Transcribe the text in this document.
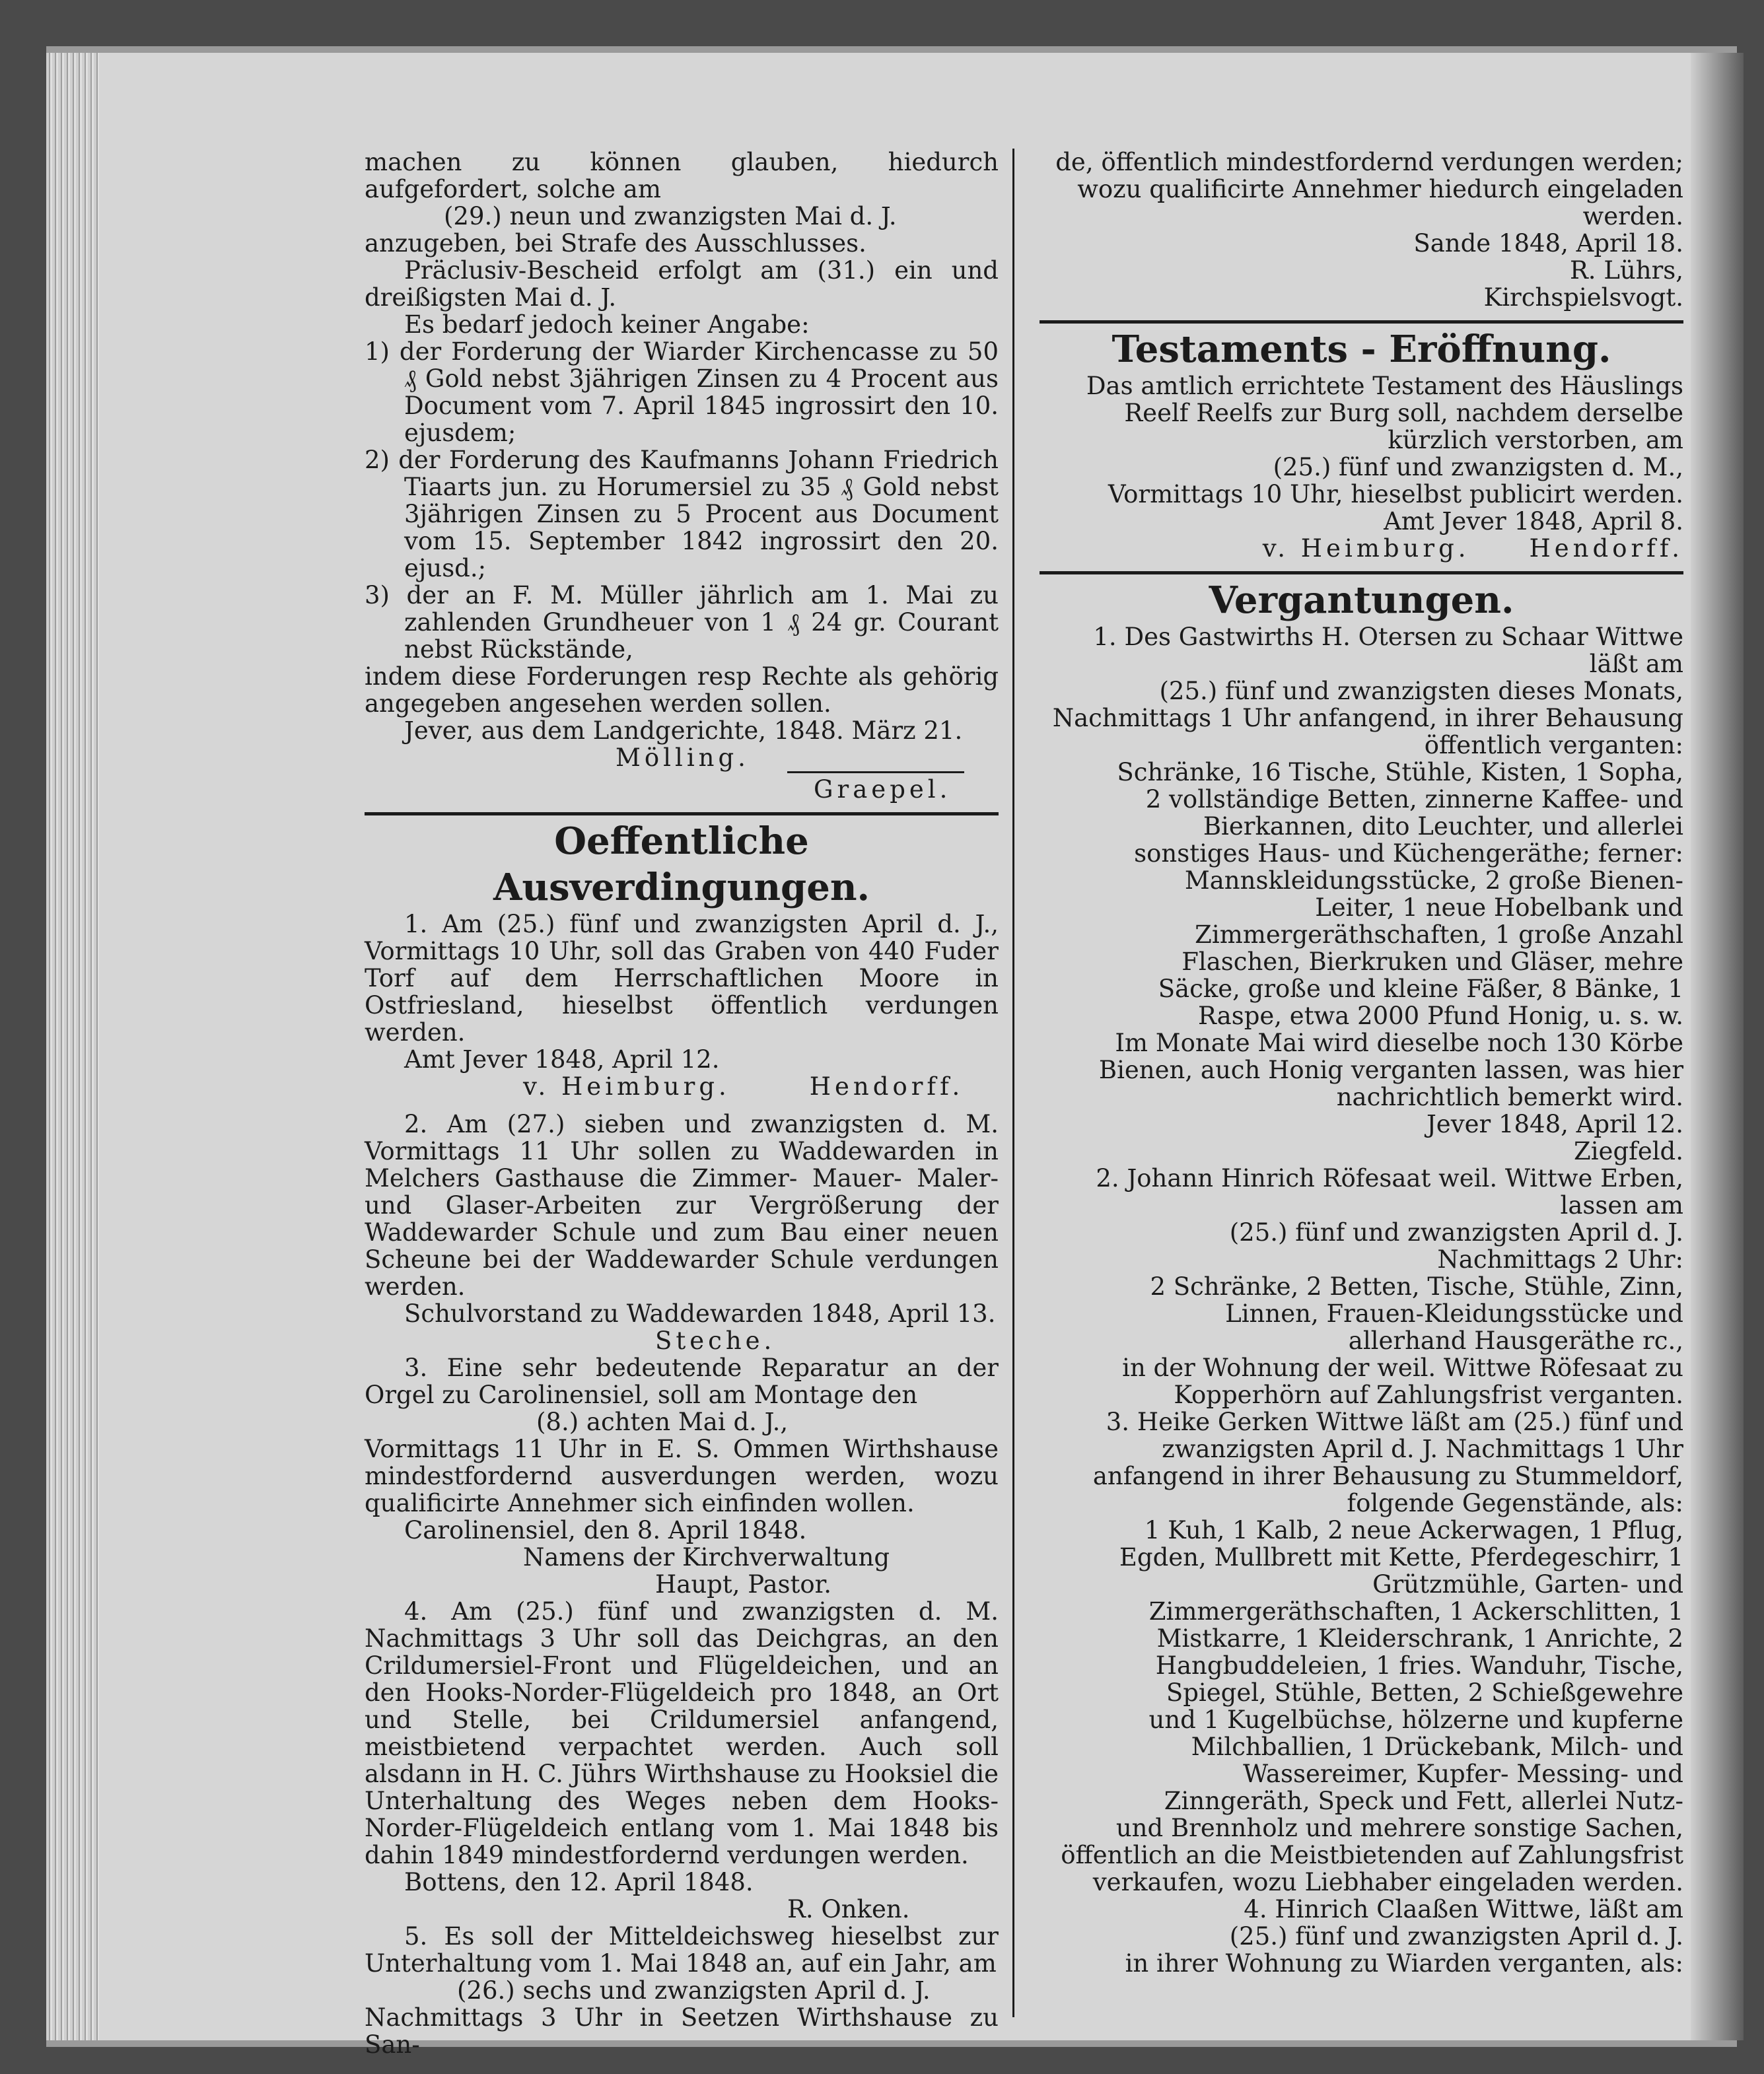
machen zu können glauben, hiedurch aufgefordert, solche am

(29.) neun und zwanzigsten Mai d. J.

anzugeben, bei Strafe des Ausschlusses.

Präclusiv-Bescheid erfolgt am (31.) ein und dreißigsten Mai d. J.

Es bedarf jedoch keiner Angabe:

1) der Forderung der Wiarder Kirchencasse zu 50 ₰ Gold nebst 3jährigen Zinsen zu 4 Procent aus Document vom 7. April 1845 ingrossirt den 10. ejusdem;

2) der Forderung des Kaufmanns Johann Friedrich Tiaarts jun. zu Horumersiel zu 35 ₰ Gold nebst 3jährigen Zinsen zu 5 Procent aus Document vom 15. September 1842 ingrossirt den 20. ejusd.;

3) der an F. M. Müller jährlich am 1. Mai zu zahlenden Grundheuer von 1 ₰ 24 gr. Courant nebst Rückstände,

indem diese Forderungen resp Rechte als gehörig angegeben angesehen werden sollen.

Jever, aus dem Landgerichte, 1848. März 21.

Mölling.

Graepel.

Oeffentliche Ausverdingungen.

1. Am (25.) fünf und zwanzigsten April d. J., Vormittags 10 Uhr, soll das Graben von 440 Fuder Torf auf dem Herrschaftlichen Moore in Ostfriesland, hieselbst öffentlich verdungen werden.

Amt Jever 1848, April 12.

v. Heimburg.	Hendorff.

2. Am (27.) sieben und zwanzigsten d. M. Vormittags 11 Uhr sollen zu Waddewarden in Melchers Gasthause die Zimmer- Mauer- Maler- und Glaser-Arbeiten zur Vergrößerung der Waddewarder Schule und zum Bau einer neuen Scheune bei der Waddewarder Schule verdungen werden.

Schulvorstand zu Waddewarden 1848, April 13.

Steche.

3. Eine sehr bedeutende Reparatur an der Orgel zu Carolinensiel, soll am Montage den

(8.) achten Mai d. J.,

Vormittags 11 Uhr in E. S. Ommen Wirthshause mindestfordernd ausverdungen werden, wozu qualificirte Annehmer sich einfinden wollen.

Carolinensiel, den 8. April 1848.

Namens der Kirchverwaltung

Haupt, Pastor.

4. Am (25.) fünf und zwanzigsten d. M. Nachmittags 3 Uhr soll das Deichgras, an den Crildumersiel-Front und Flügeldeichen, und an den Hooks-Norder-Flügeldeich pro 1848, an Ort und Stelle, bei Crildumersiel anfangend, meistbietend verpachtet werden. Auch soll alsdann in H. C. Jührs Wirthshause zu Hooksiel die Unterhaltung des Weges neben dem Hooks-Norder-Flügeldeich entlang vom 1. Mai 1848 bis dahin 1849 mindestfordernd verdungen werden.

Bottens, den 12. April 1848.

R. Onken.

5. Es soll der Mitteldeichsweg hieselbst zur Unterhaltung vom 1. Mai 1848 an, auf ein Jahr, am

(26.) sechs und zwanzigsten April d. J.

Nachmittags 3 Uhr in Seetzen Wirthshause zu San-

de, öffentlich mindestfordernd verdungen werden; wozu qualificirte Annehmer hiedurch eingeladen werden.

Sande 1848, April 18.

R. Lührs,

Kirchspielsvogt.

Testaments - Eröffnung.

Das amtlich errichtete Testament des Häuslings Reelf Reelfs zur Burg soll, nachdem derselbe kürzlich verstorben, am

(25.) fünf und zwanzigsten d. M.,

Vormittags 10 Uhr, hieselbst publicirt werden.

Amt Jever 1848, April 8.

v. Heimburg. Hendorff.

Vergantungen.

1. Des Gastwirths H. Otersen zu Schaar Wittwe läßt am

(25.) fünf und zwanzigsten dieses Monats,

Nachmittags 1 Uhr anfangend, in ihrer Behausung öffentlich verganten:

Schränke, 16 Tische, Stühle, Kisten, 1 Sopha, 2 vollständige Betten, zinnerne Kaffee- und Bierkannen, dito Leuchter, und allerlei sonstiges Haus- und Küchengeräthe; ferner: Mannskleidungsstücke, 2 große Bienen-Leiter, 1 neue Hobelbank und Zimmergeräthschaften, 1 große Anzahl Flaschen, Bierkruken und Gläser, mehre Säcke, große und kleine Fäßer, 8 Bänke, 1 Raspe, etwa 2000 Pfund Honig, u. s. w.

Im Monate Mai wird dieselbe noch 130 Körbe Bienen, auch Honig verganten lassen, was hier nachrichtlich bemerkt wird.

Jever 1848, April 12.

Ziegfeld.

2. Johann Hinrich Röfesaat weil. Wittwe Erben, lassen am

(25.) fünf und zwanzigsten April d. J.

Nachmittags 2 Uhr:

2 Schränke, 2 Betten, Tische, Stühle, Zinn, Linnen, Frauen-Kleidungsstücke und allerhand Hausgeräthe rc.,

in der Wohnung der weil. Wittwe Röfesaat zu Kopperhörn auf Zahlungsfrist verganten.

3. Heike Gerken Wittwe läßt am (25.) fünf und zwanzigsten April d. J. Nachmittags 1 Uhr anfangend in ihrer Behausung zu Stummeldorf, folgende Gegenstände, als:

1 Kuh, 1 Kalb, 2 neue Ackerwagen, 1 Pflug, Egden, Mullbrett mit Kette, Pferdegeschirr, 1 Grützmühle, Garten- und Zimmergeräthschaften, 1 Ackerschlitten, 1 Mistkarre, 1 Kleiderschrank, 1 Anrichte, 2 Hangbuddeleien, 1 fries. Wanduhr, Tische, Spiegel, Stühle, Betten, 2 Schießgewehre und 1 Kugelbüchse, hölzerne und kupferne Milchballien, 1 Drückebank, Milch- und Wassereimer, Kupfer- Messing- und Zinngeräth, Speck und Fett, allerlei Nutz- und Brennholz und mehrere sonstige Sachen,

öffentlich an die Meistbietenden auf Zahlungsfrist verkaufen, wozu Liebhaber eingeladen werden.

4. Hinrich Claaßen Wittwe, läßt am

(25.) fünf und zwanzigsten April d. J.

in ihrer Wohnung zu Wiarden verganten, als:
